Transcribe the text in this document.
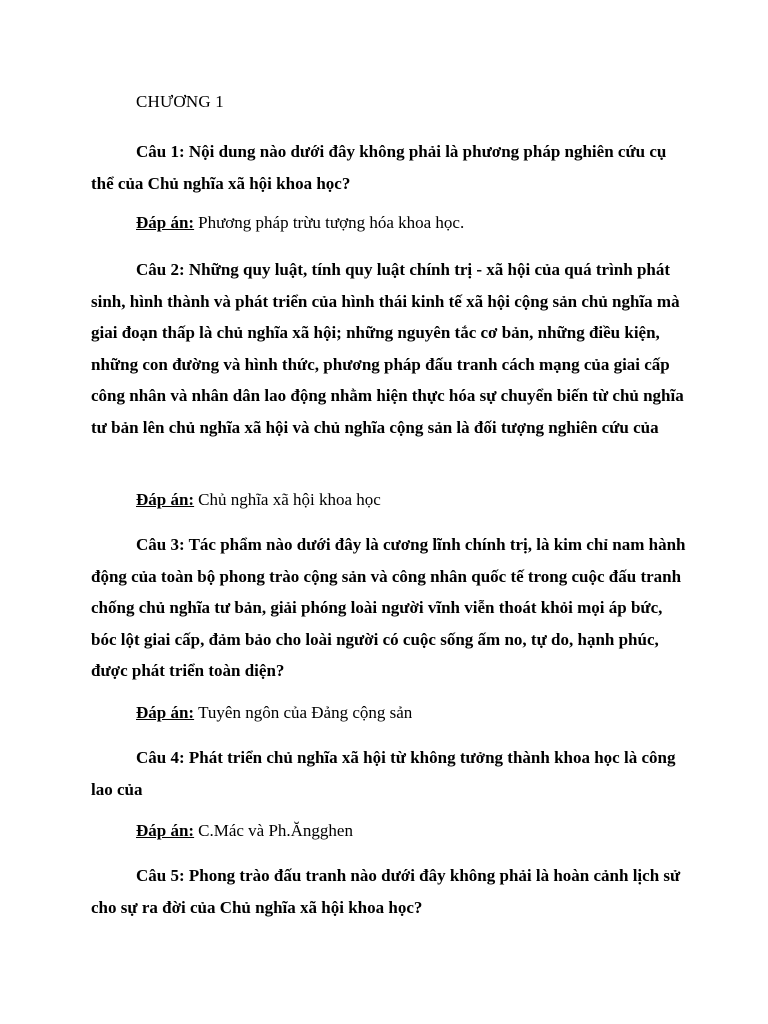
CHƯƠNG 1
Câu 1: Nội dung nào dưới đây không phải là phương pháp nghiên cứu cụ thể của Chủ nghĩa xã hội khoa học?
Đáp án: Phương pháp trừu tượng hóa khoa học.
Câu 2: Những quy luật, tính quy luật chính trị - xã hội của quá trình phát sinh, hình thành và phát triển của hình thái kinh tế xã hội cộng sản chủ nghĩa mà giai đoạn thấp là chủ nghĩa xã hội; những nguyên tắc cơ bản, những điều kiện, những con đường và hình thức, phương pháp đấu tranh cách mạng của giai cấp công nhân và nhân dân lao động nhằm hiện thực hóa sự chuyển biến từ chủ nghĩa tư bản lên chủ nghĩa xã hội và chủ nghĩa cộng sản là đối tượng nghiên cứu của
Đáp án: Chủ nghĩa xã hội khoa học
Câu 3: Tác phẩm nào dưới đây là cương lĩnh chính trị, là kim chỉ nam hành động của toàn bộ phong trào cộng sản và công nhân quốc tế trong cuộc đấu tranh chống chủ nghĩa tư bản, giải phóng loài người vĩnh viễn thoát khỏi mọi áp bức, bóc lột giai cấp, đảm bảo cho loài người có cuộc sống ấm no, tự do, hạnh phúc, được phát triển toàn diện?
Đáp án: Tuyên ngôn của Đảng cộng sản
Câu 4: Phát triển chủ nghĩa xã hội từ không tưởng thành khoa học là công lao của
Đáp án: C.Mác và Ph.Ăngghen
Câu 5: Phong trào đấu tranh nào dưới đây không phải là hoàn cảnh lịch sử cho sự ra đời của Chủ nghĩa xã hội khoa học?
